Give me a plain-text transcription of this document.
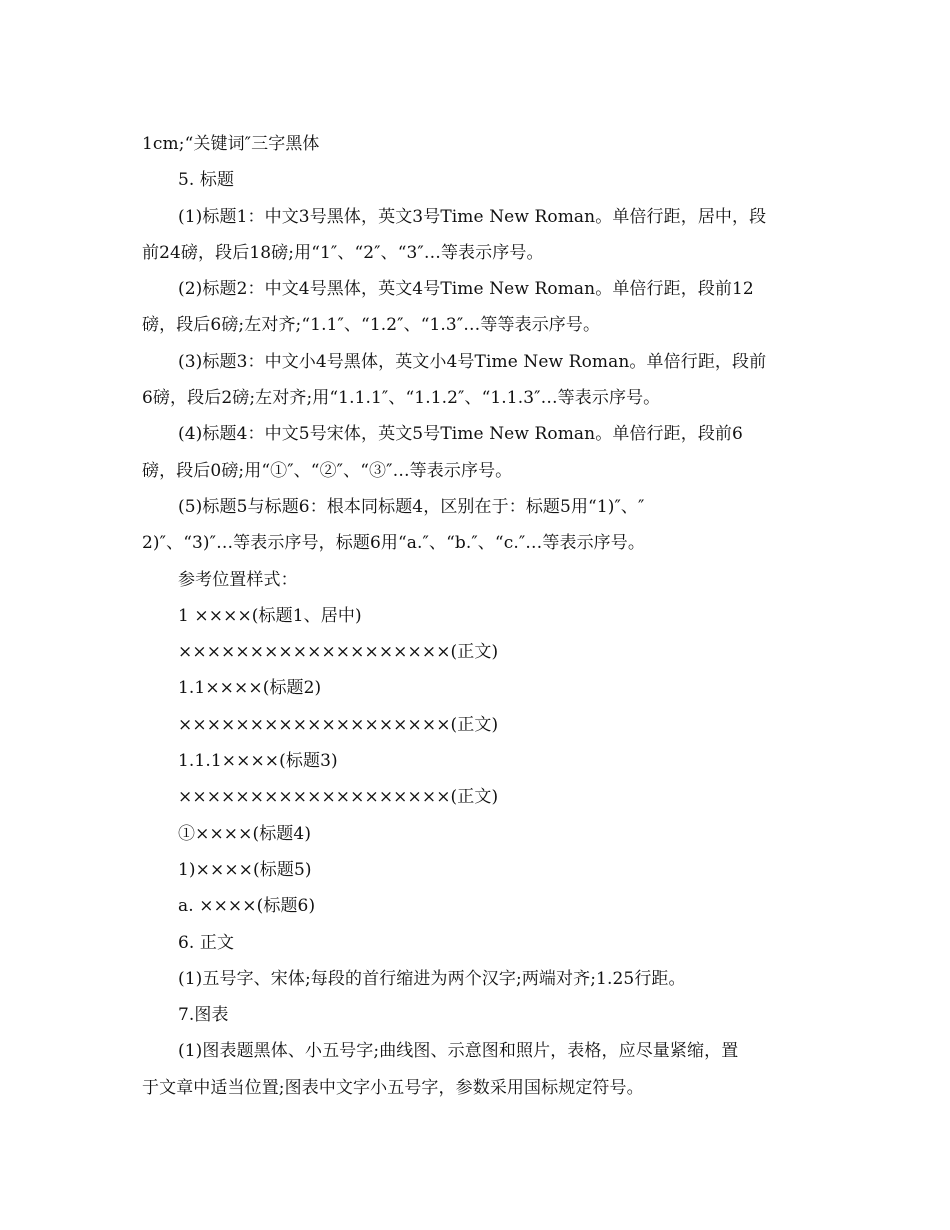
1cm;“关键词″三字黑体
5. 标题
(1)标题1：中文3号黑体，英文3号Time New Roman。单倍行距，居中，段
前24磅，段后18磅;用“1″、“2″、“3″…等表示序号。
(2)标题2：中文4号黑体，英文4号Time New Roman。单倍行距，段前12
磅，段后6磅;左对齐;“1.1″、“1.2″、“1.3″…等等表示序号。
(3)标题3：中文小4号黑体，英文小4号Time New Roman。单倍行距，段前
6磅，段后2磅;左对齐;用“1.1.1″、“1.1.2″、“1.1.3″…等表示序号。
(4)标题4：中文5号宋体，英文5号Time New Roman。单倍行距，段前6
磅，段后0磅;用“①″、“②″、“③″…等表示序号。
(5)标题5与标题6：根本同标题4，区别在于：标题5用“1)″、″
2)″、“3)″…等表示序号，标题6用“a.″、“b.″、“c.″…等表示序号。
参考位置样式：
1 ××××(标题1、居中)
×××××××××××××××××××(正文)
1.1××××(标题2)
×××××××××××××××××××(正文)
1.1.1××××(标题3)
×××××××××××××××××××(正文)
①××××(标题4)
1)××××(标题5)
a. ××××(标题6)
6. 正文
(1)五号字、宋体;每段的首行缩进为两个汉字;两端对齐;1.25行距。
7.图表
(1)图表题黑体、小五号字;曲线图、示意图和照片，表格，应尽量紧缩，置
于文章中适当位置;图表中文字小五号字，参数采用国标规定符号。
